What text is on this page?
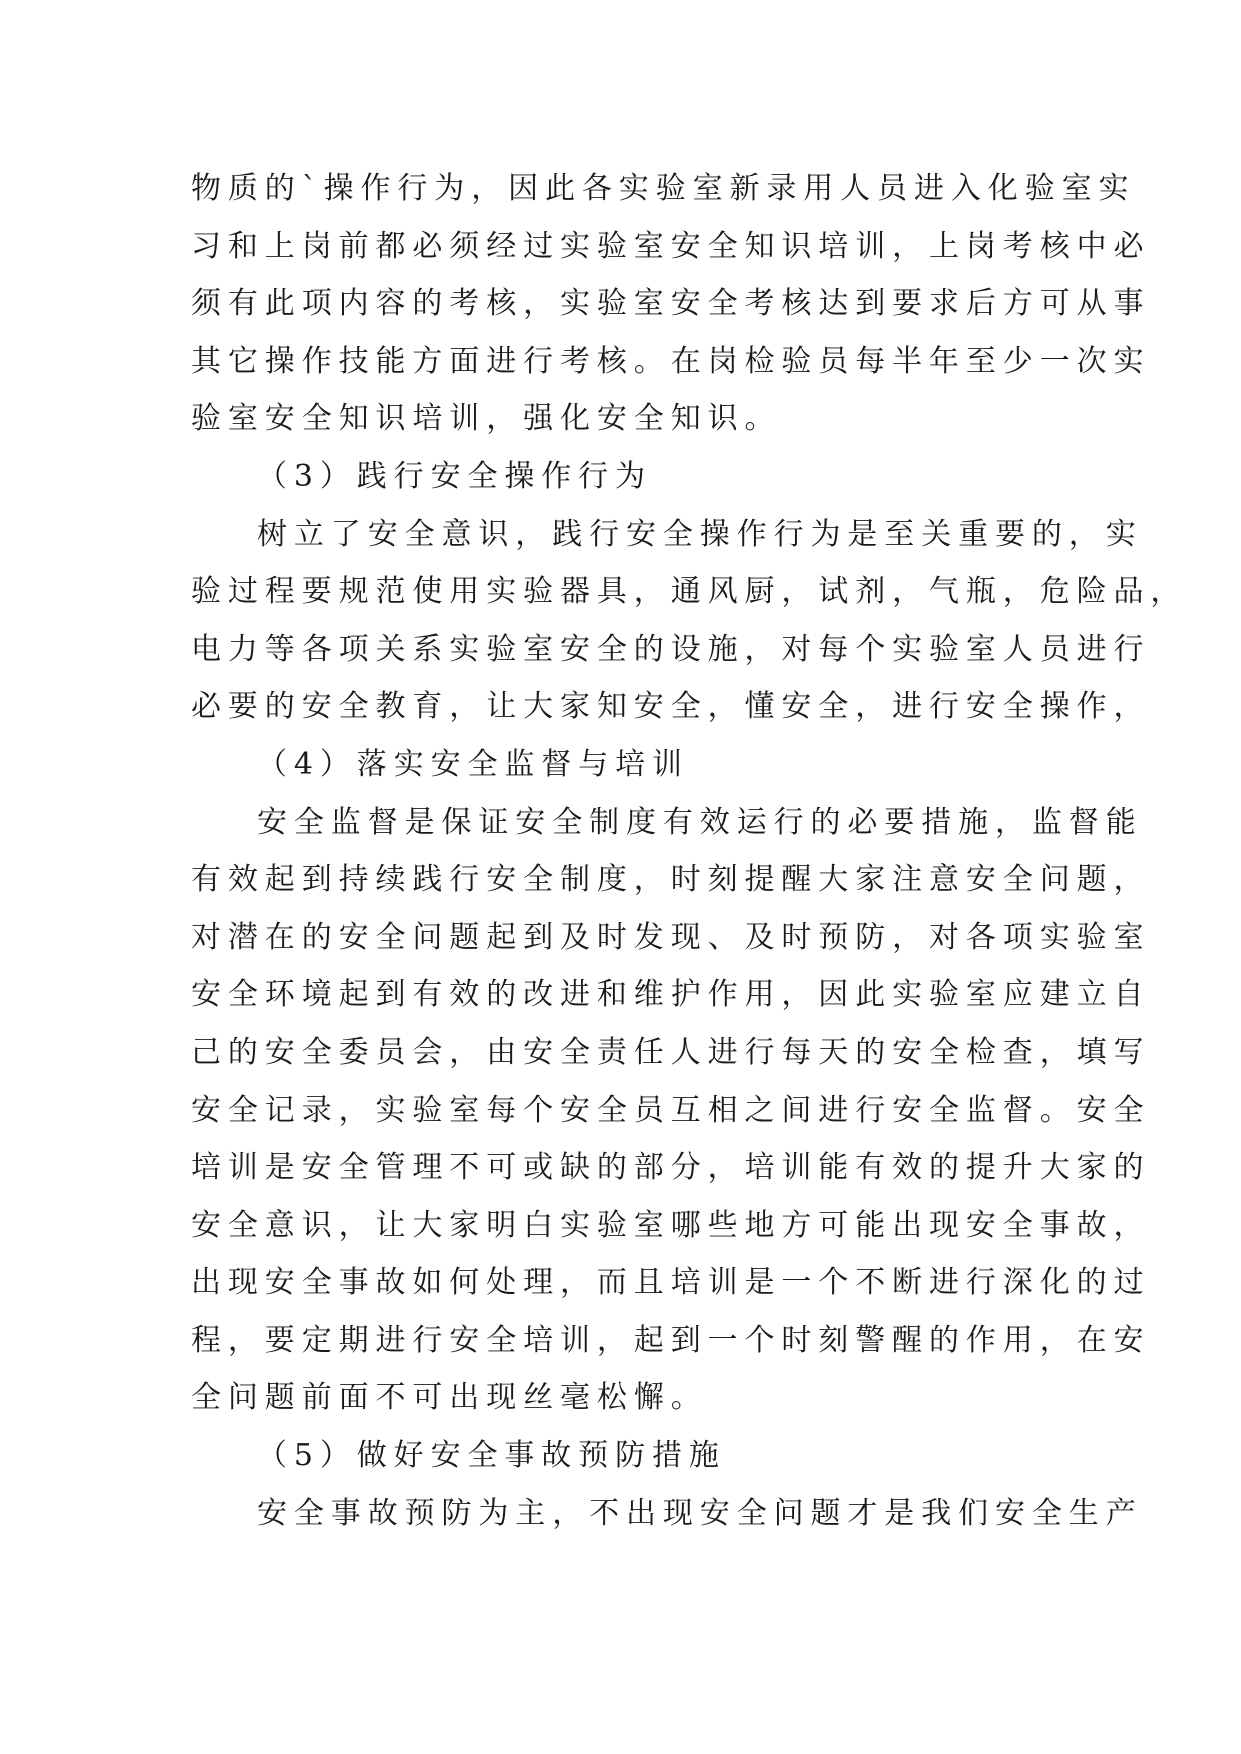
物质的`操作行为，因此各实验室新录用人员进入化验室实
习和上岗前都必须经过实验室安全知识培训，上岗考核中必
须有此项内容的考核，实验室安全考核达到要求后方可从事
其它操作技能方面进行考核。在岗检验员每半年至少一次实
验室安全知识培训，强化安全知识。
（3）践行安全操作行为
树立了安全意识，践行安全操作行为是至关重要的，实
验过程要规范使用实验器具，通风厨，试剂，气瓶，危险品，
电力等各项关系实验室安全的设施，对每个实验室人员进行
必要的安全教育，让大家知安全，懂安全，进行安全操作，
（4）落实安全监督与培训
安全监督是保证安全制度有效运行的必要措施，监督能
有效起到持续践行安全制度，时刻提醒大家注意安全问题，
对潜在的安全问题起到及时发现、及时预防，对各项实验室
安全环境起到有效的改进和维护作用，因此实验室应建立自
己的安全委员会，由安全责任人进行每天的安全检查，填写
安全记录，实验室每个安全员互相之间进行安全监督。安全
培训是安全管理不可或缺的部分，培训能有效的提升大家的
安全意识，让大家明白实验室哪些地方可能出现安全事故，
出现安全事故如何处理，而且培训是一个不断进行深化的过
程，要定期进行安全培训，起到一个时刻警醒的作用，在安
全问题前面不可出现丝毫松懈。
（5）做好安全事故预防措施
安全事故预防为主，不出现安全问题才是我们安全生产
